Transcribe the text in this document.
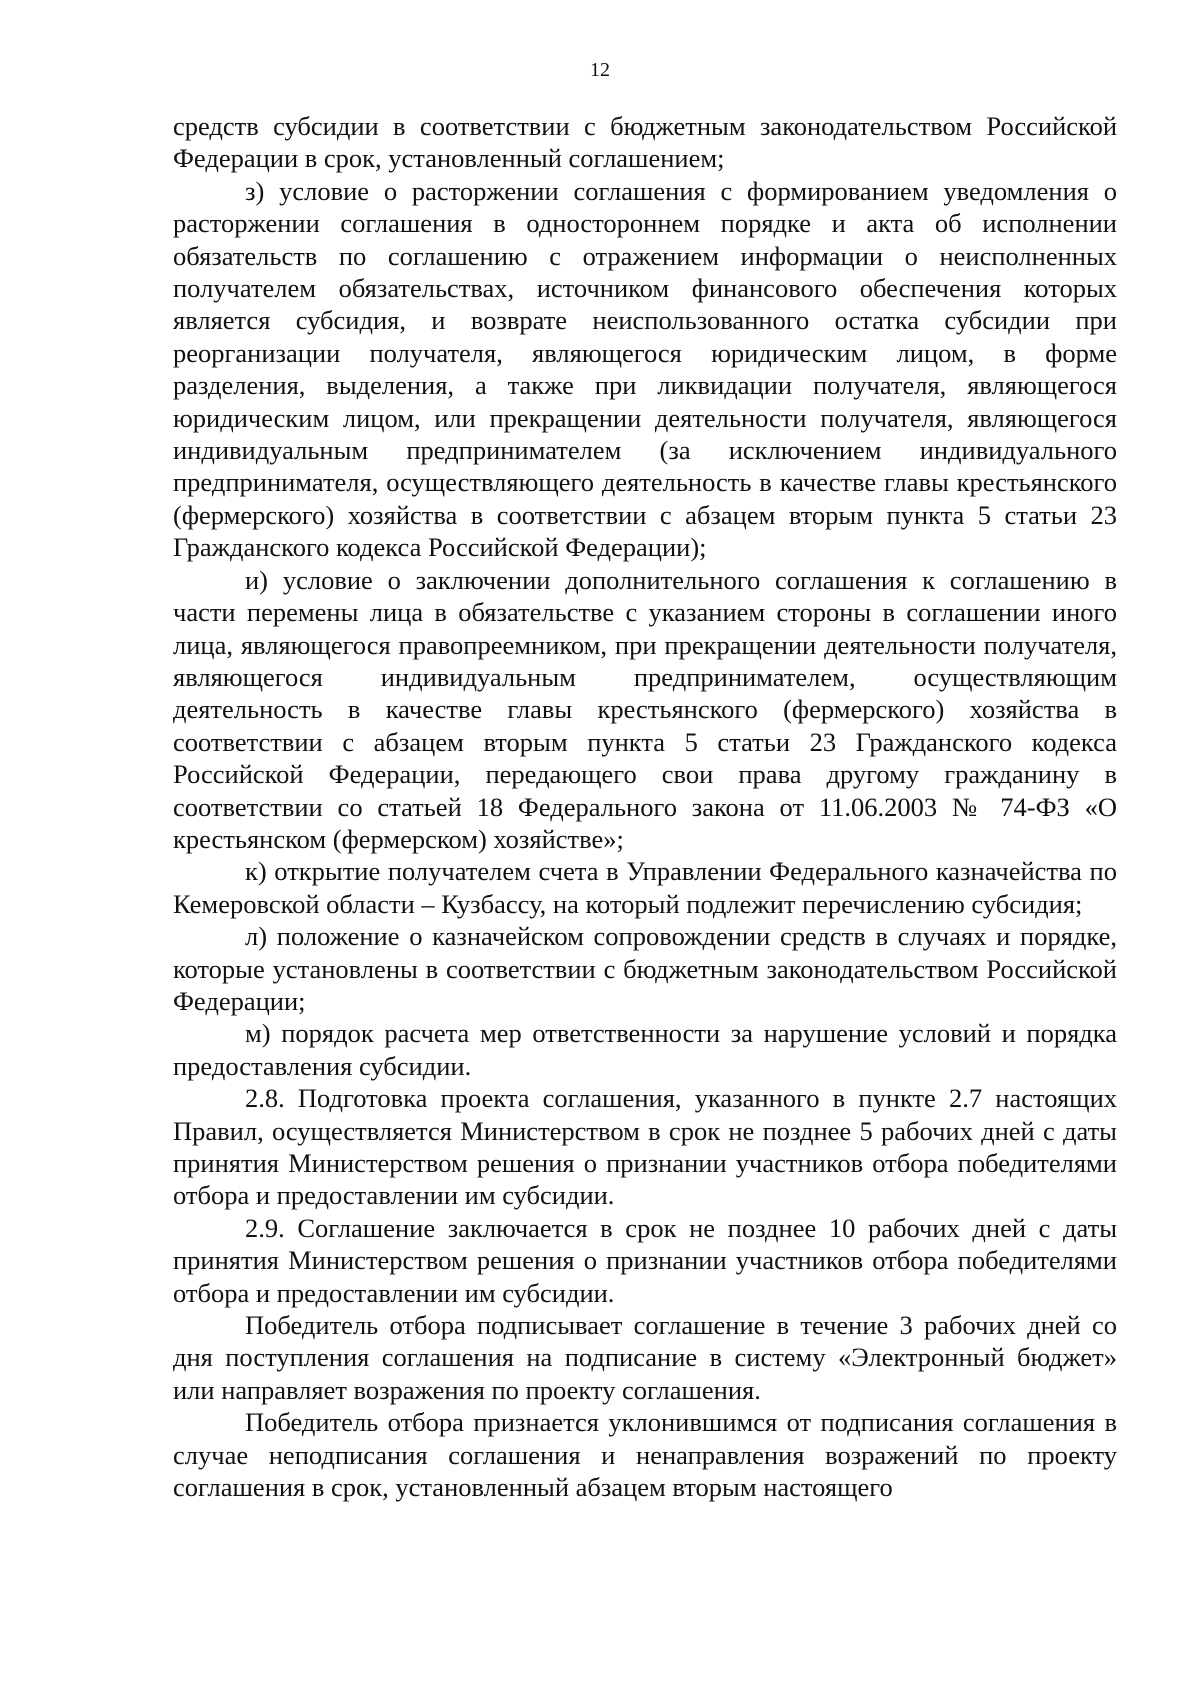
12

средств субсидии в соответствии с бюджетным законодательством Российской Федерации в срок, установленный соглашением;

з) условие о расторжении соглашения с формированием уведомления о расторжении соглашения в одностороннем порядке и акта об исполнении обязательств по соглашению с отражением информации о неисполненных получателем обязательствах, источником финансового обеспечения которых является субсидия, и возврате неиспользованного остатка субсидии при реорганизации получателя, являющегося юридическим лицом, в форме разделения, выделения, а также при ликвидации получателя, являющегося юридическим лицом, или прекращении деятельности получателя, являющегося индивидуальным предпринимателем (за исключением индивидуального предпринимателя, осуществляющего деятельность в качестве главы крестьянского (фермерского) хозяйства в соответствии с абзацем вторым пункта 5 статьи 23 Гражданского кодекса Российской Федерации);

и) условие о заключении дополнительного соглашения к соглашению в части перемены лица в обязательстве с указанием стороны в соглашении иного лица, являющегося правопреемником, при прекращении деятельности получателя, являющегося индивидуальным предпринимателем, осуществляющим деятельность в качестве главы крестьянского (фермерского) хозяйства в соответствии с абзацем вторым пункта 5 статьи 23 Гражданского кодекса Российской Федерации, передающего свои права другому гражданину в соответствии со статьей 18 Федерального закона от 11.06.2003 № 74-ФЗ «О крестьянском (фермерском) хозяйстве»;

к) открытие получателем счета в Управлении Федерального казначейства по Кемеровской области – Кузбассу, на который подлежит перечислению субсидия;

л) положение о казначейском сопровождении средств в случаях и порядке, которые установлены в соответствии с бюджетным законодательством Российской Федерации;

м) порядок расчета мер ответственности за нарушение условий и порядка предоставления субсидии.

2.8. Подготовка проекта соглашения, указанного в пункте 2.7 настоящих Правил, осуществляется Министерством в срок не позднее 5 рабочих дней с даты принятия Министерством решения о признании участников отбора победителями отбора и предоставлении им субсидии.

2.9. Соглашение заключается в срок не позднее 10 рабочих дней с даты принятия Министерством решения о признании участников отбора победителями отбора и предоставлении им субсидии.

Победитель отбора подписывает соглашение в течение 3 рабочих дней со дня поступления соглашения на подписание в систему «Электронный бюджет» или направляет возражения по проекту соглашения.

Победитель отбора признается уклонившимся от подписания соглашения в случае неподписания соглашения и ненаправления возражений по проекту соглашения в срок, установленный абзацем вторым настоящего
